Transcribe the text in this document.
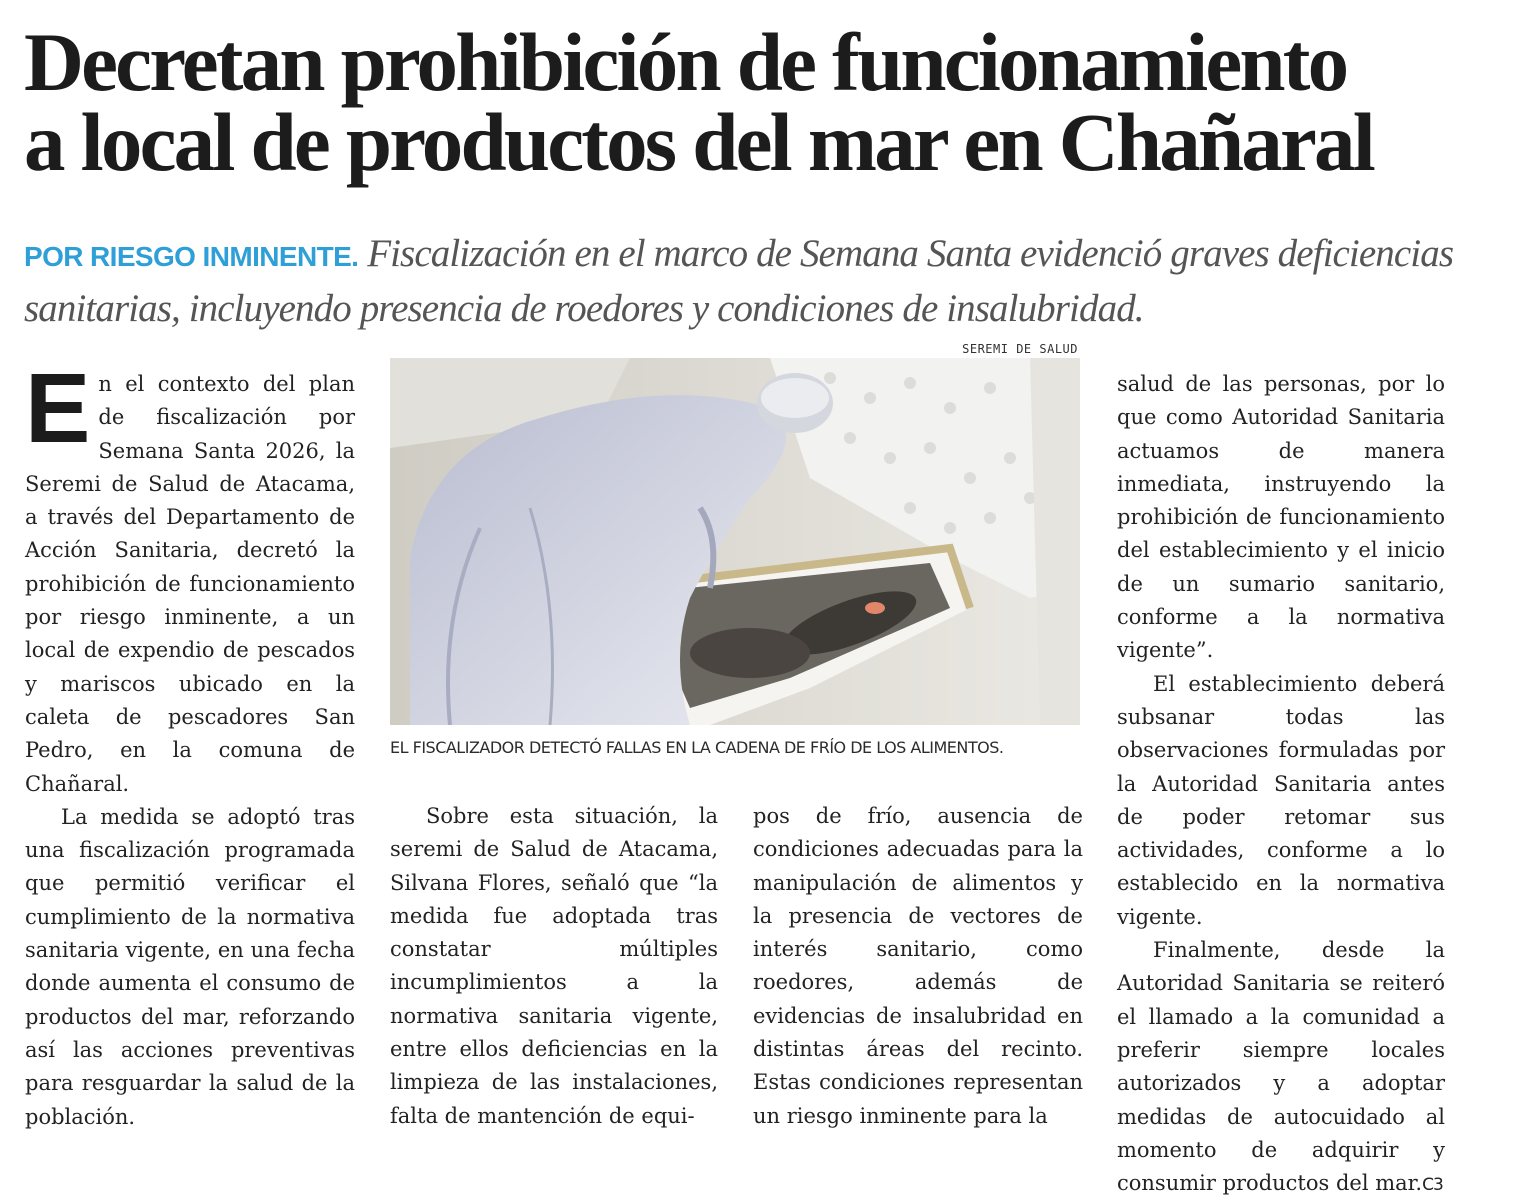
Decretan prohibición de funcionamiento
a local de productos del mar en Chañaral

POR RIESGO INMINENTE. Fiscalización en el marco de Semana Santa evidenció graves deficiencias sanitarias, incluyendo presencia de roedores y condiciones de insalubridad.

SEREMI DE SALUD
EL FISCALIZADOR DETECTÓ FALLAS EN LA CADENA DE FRÍO DE LOS ALIMENTOS.

En el contexto del plan de fiscalización por Semana Santa 2026, la Seremi de Salud de Atacama, a través del Departamento de Acción Sanitaria, decretó la prohibición de funcionamiento por riesgo inminente, a un local de expendio de pescados y mariscos ubicado en la caleta de pescadores San Pedro, en la comuna de Chañaral.

La medida se adoptó tras una fiscalización programada que permitió verificar el cumplimiento de la normativa sanitaria vigente, en una fecha donde aumenta el consumo de productos del mar, reforzando así las acciones preventivas para resguardar la salud de la población.

Sobre esta situación, la seremi de Salud de Atacama, Silvana Flores, señaló que “la medida fue adoptada tras constatar múltiples incumplimientos a la normativa sanitaria vigente, entre ellos deficiencias en la limpieza de las instalaciones, falta de mantención de equi-

pos de frío, ausencia de condiciones adecuadas para la manipulación de alimentos y la presencia de vectores de interés sanitario, como roedores, además de evidencias de insalubridad en distintas áreas del recinto. Estas condiciones representan un riesgo inminente para la

salud de las personas, por lo que como Autoridad Sanitaria actuamos de manera inmediata, instruyendo la prohibición de funcionamiento del establecimiento y el inicio de un sumario sanitario, conforme a la normativa vigente”.

El establecimiento deberá subsanar todas las observaciones formuladas por la Autoridad Sanitaria antes de poder retomar sus actividades, conforme a lo establecido en la normativa vigente.

Finalmente, desde la Autoridad Sanitaria se reiteró el llamado a la comunidad a preferir siempre locales autorizados y a adoptar medidas de autocuidado al momento de adquirir y consumir productos del mar.C3
